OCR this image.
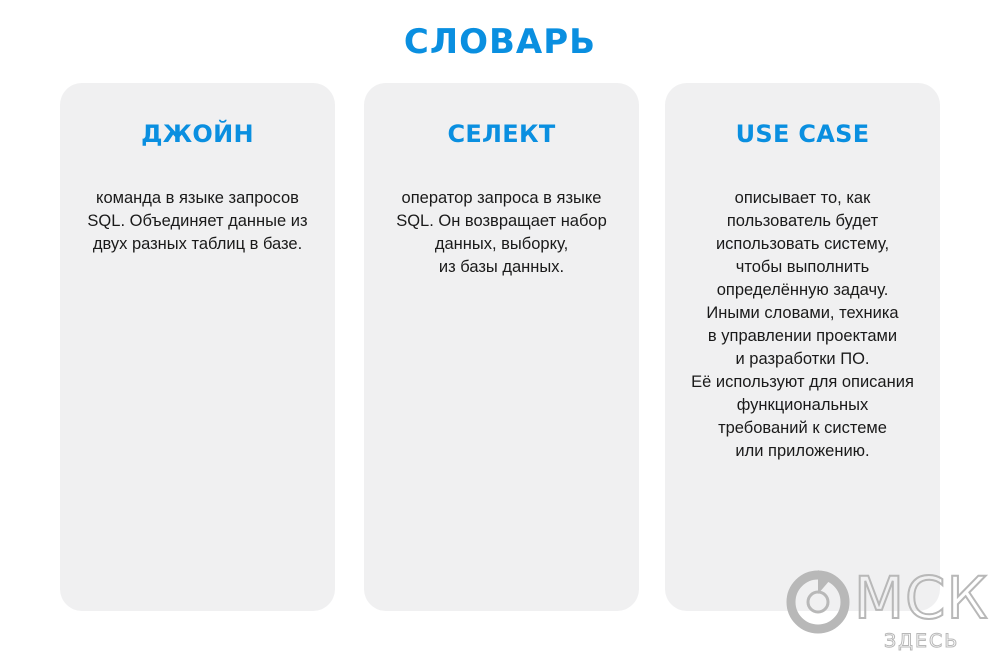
СЛОВАРЬ
ДЖОЙН

команда в языке запросов
SQL. Объединяет данные из
двух разных таблиц в базе.

СЕЛЕКТ

оператор запроса в языке
SQL. Он возвращает набор
данных, выборку,
из базы данных.

USE CASE

описывает то, как
пользователь будет
использовать систему,
чтобы выполнить
определённую задачу.
Иными словами, техника
в управлении проектами
и разработки ПО.
Её используют для описания
функциональных
требований к системе
или приложению.

МСК
ЗДЕСЬ
